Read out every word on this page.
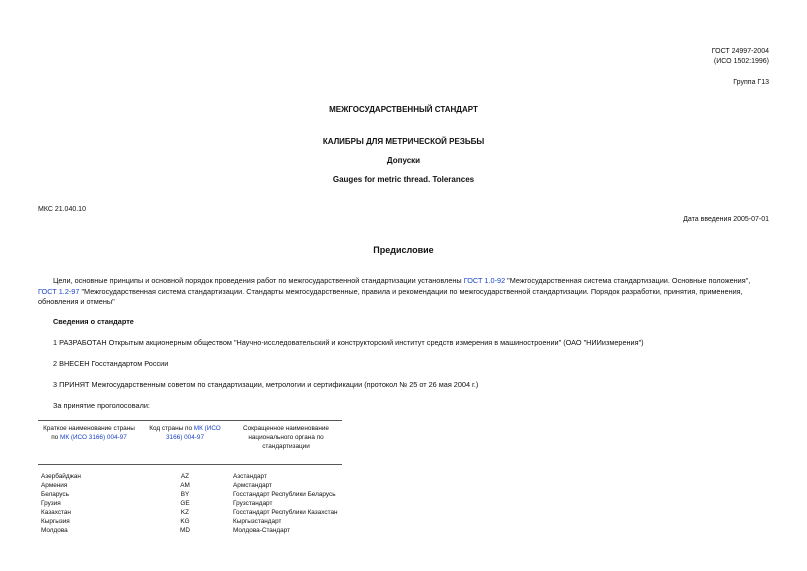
ГОСТ 24997-2004
(ИСО 1502:1996)
Группа Г13
МЕЖГОСУДАРСТВЕННЫЙ СТАНДАРТ
КАЛИБРЫ ДЛЯ МЕТРИЧЕСКОЙ РЕЗЬБЫ
Допуски
Gauges for metric thread. Tolerances
МКС 21.040.10
Дата введения 2005-07-01
Предисловие
Цели, основные принципы и основной порядок проведения работ по межгосударственной стандартизации установлены ГОСТ 1.0-92 "Межгосударственная система стандартизации. Основные положения", ГОСТ 1.2-97 "Межгосударственная система стандартизации. Стандарты межгосударственные, правила и рекомендации по межгосударственной стандартизации. Порядок разработки, принятия, применения, обновления и отмены"
Сведения о стандарте
1 РАЗРАБОТАН Открытым акционерным обществом "Научно-исследовательский и конструкторский институт средств измерения в машиностроении" (ОАО "НИИизмерения")
2 ВНЕСЕН Госстандартом России
3 ПРИНЯТ Межгосударственным советом по стандартизации, метрологии и сертификации (протокол № 25 от 26 мая 2004 г.)
За принятие проголосовали:
Краткое наименование страны по МК (ИСО 3166) 004-97	Код страны по МК (ИСО 3166) 004-97	Сокращенное наименование национального органа по стандартизации

Азербайджан	AZ	Азстандарт
Армения	AM	Армстандарт
Беларусь	BY	Госстандарт Республики Беларусь
Грузия	GE	Грузстандарт
Казахстан	KZ	Госстандарт Республики Казахстан
Кыргызия	KG	Кыргызстандарт
Молдова	MD	Молдова-Стандарт
